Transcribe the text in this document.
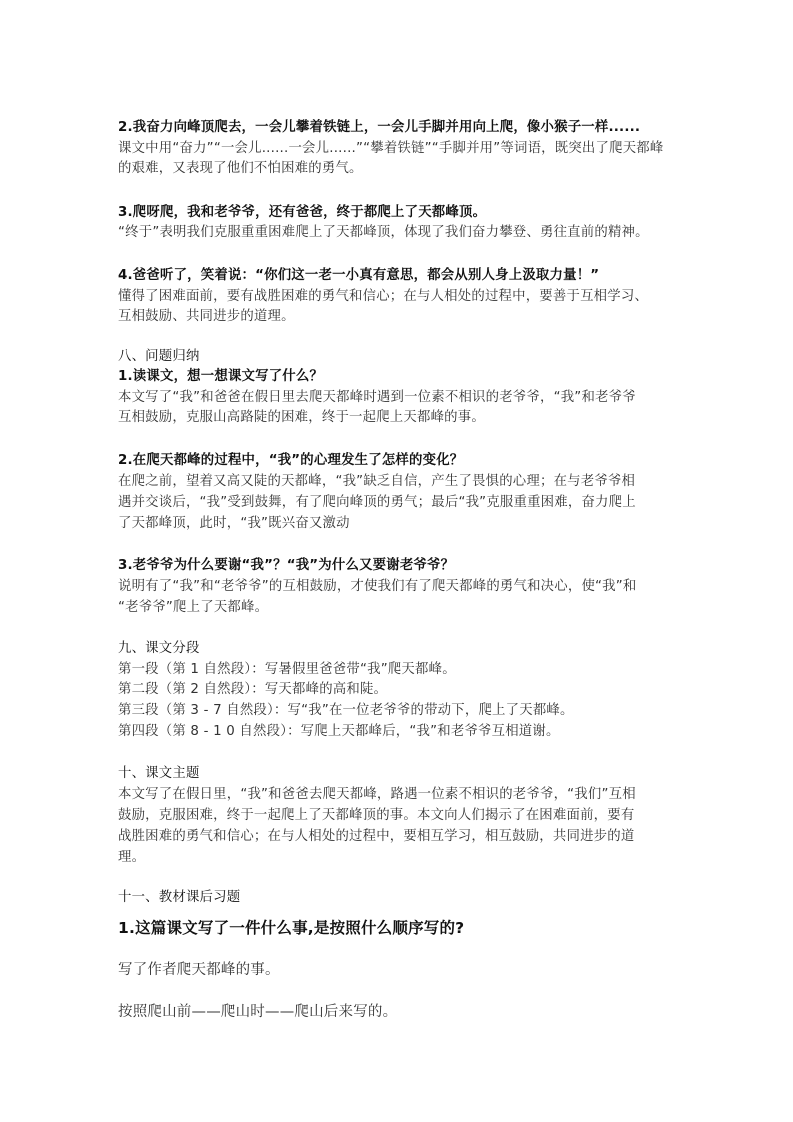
2.我奋力向峰顶爬去，一会儿攀着铁链上，一会儿手脚并用向上爬，像小猴子一样......
课文中用“奋力”“一会儿......一会儿......”“攀着铁链”“手脚并用”等词语，既突出了爬天都峰
的艰难，又表现了他们不怕困难的勇气。
3.爬呀爬，我和老爷爷，还有爸爸，终于都爬上了天都峰顶。
“终于”表明我们克服重重困难爬上了天都峰顶，体现了我们奋力攀登、勇往直前的精神。
4.爸爸听了，笑着说：“你们这一老一小真有意思，都会从别人身上汲取力量！”
懂得了困难面前，要有战胜困难的勇气和信心；在与人相处的过程中，要善于互相学习、
互相鼓励、共同进步的道理。
八、问题归纳
1.读课文，想一想课文写了什么？
本文写了“我”和爸爸在假日里去爬天都峰时遇到一位素不相识的老爷爷，“我”和老爷爷
互相鼓励，克服山高路陡的困难，终于一起爬上天都峰的事。
2.在爬天都峰的过程中，“我”的心理发生了怎样的变化？
在爬之前，望着又高又陡的天都峰，“我”缺乏自信，产生了畏惧的心理；在与老爷爷相
遇并交谈后，“我”受到鼓舞，有了爬向峰顶的勇气；最后“我”克服重重困难，奋力爬上
了天都峰顶，此时，“我”既兴奋又激动
3.老爷爷为什么要谢“我”？“我”为什么又要谢老爷爷？
说明有了“我”和“老爷爷”的互相鼓励，才使我们有了爬天都峰的勇气和决心，使“我”和
“老爷爷”爬上了天都峰。
九、课文分段
第一段（第 1 自然段）：写暑假里爸爸带“我”爬天都峰。
第二段（第 2 自然段）：写天都峰的高和陡。
第三段（第 3 - 7 自然段）：写“我”在一位老爷爷的带动下，爬上了天都峰。
第四段（第 8 - 1 0 自然段）：写爬上天都峰后，“我”和老爷爷互相道谢。
十、课文主题
本文写了在假日里，“我”和爸爸去爬天都峰，路遇一位素不相识的老爷爷，“我们”互相
鼓励，克服困难，终于一起爬上了天都峰顶的事。本文向人们揭示了在困难面前，要有
战胜困难的勇气和信心；在与人相处的过程中，要相互学习，相互鼓励，共同进步的道
理。
十一、教材课后习题
1.这篇课文写了一件什么事,是按照什么顺序写的?
写了作者爬天都峰的事。
按照爬山前——爬山时——爬山后来写的。
